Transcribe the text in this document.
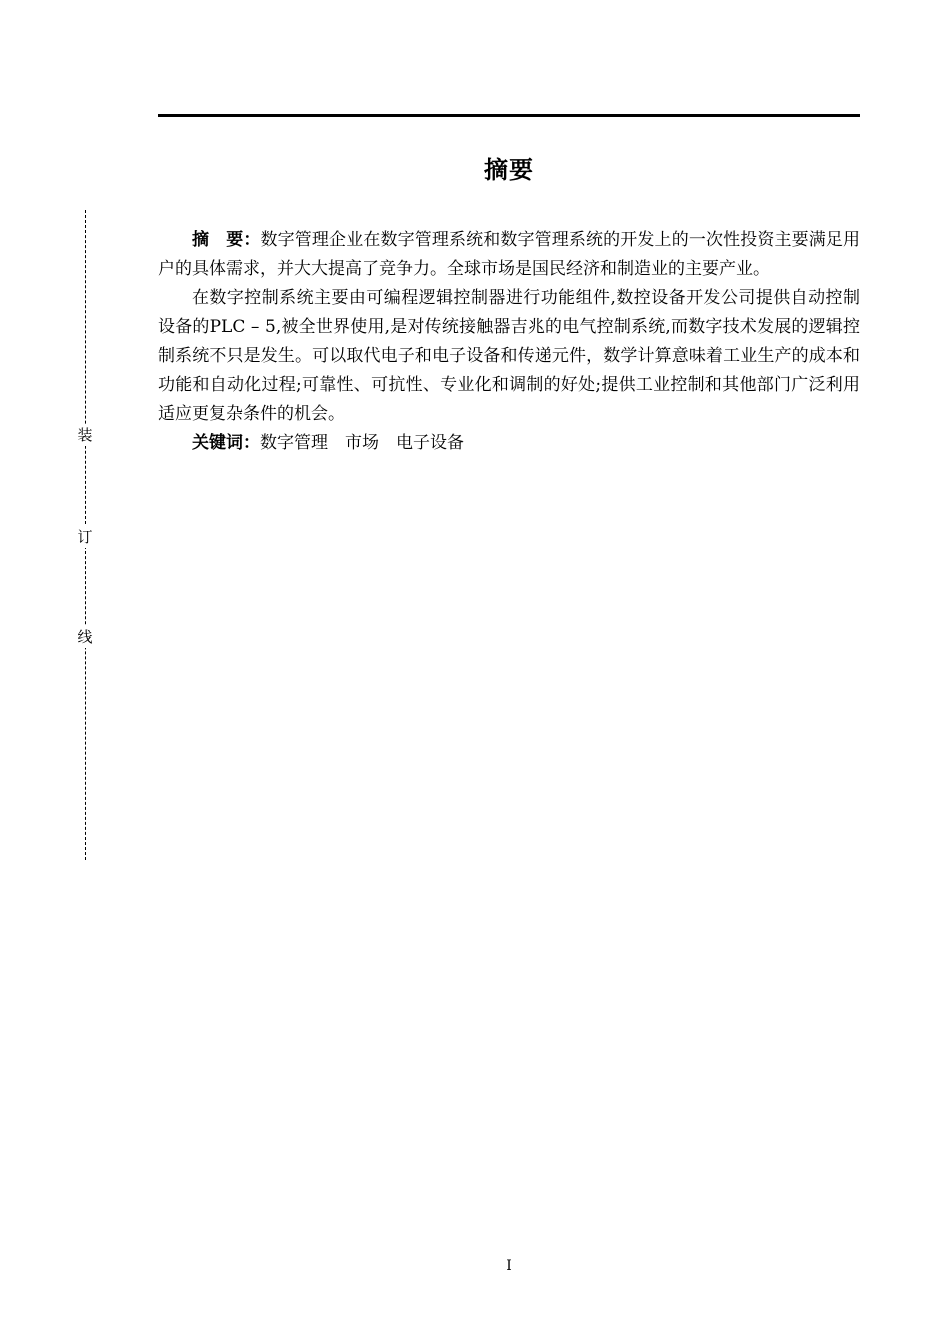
摘要
装
订
线

摘　要：数字管理企业在数字管理系统和数字管理系统的开发上的一次性投资主要满足用户的具体需求，并大大提高了竞争力。全球市场是国民经济和制造业的主要产业。

在数字控制系统主要由可编程逻辑控制器进行功能组件,数控设备开发公司提供自动控制设备的PLC – 5,被全世界使用,是对传统接触器吉兆的电气控制系统,而数字技术发展的逻辑控制系统不只是发生。可以取代电子和电子设备和传递元件，数学计算意味着工业生产的成本和功能和自动化过程;可靠性、可抗性、专业化和调制的好处;提供工业控制和其他部门广泛利用适应更复杂条件的机会。

关键词：数字管理 市场 电子设备

I
